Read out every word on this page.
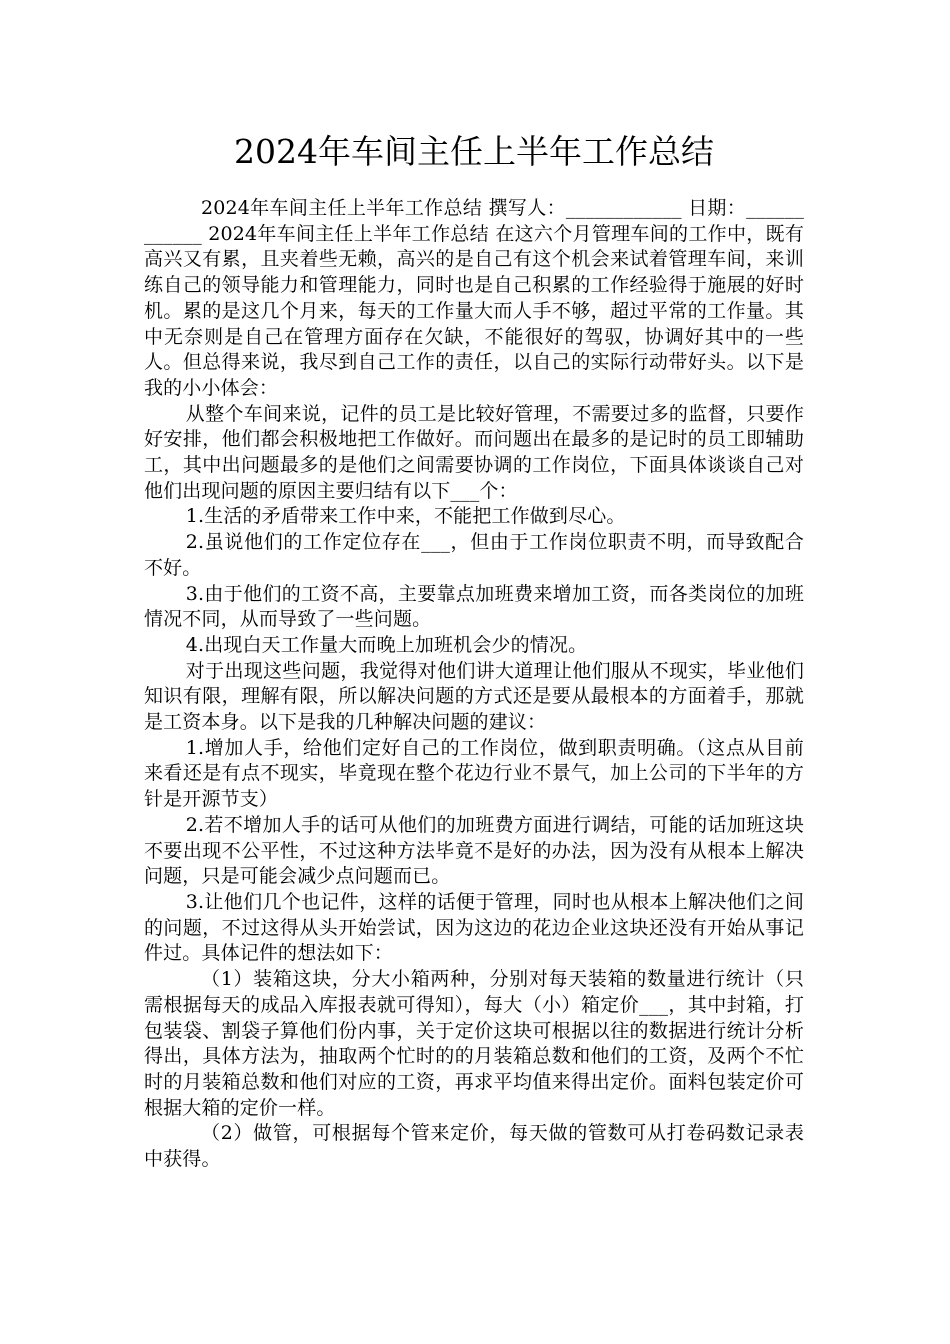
2024年车间主任上半年工作总结

2024年车间主任上半年工作总结 撰写人：____________ 日期：____________ 2024年车间主任上半年工作总结 在这六个月管理车间的工作中，既有高兴又有累，且夹着些无赖，高兴的是自己有这个机会来试着管理车间，来训练自己的领导能力和管理能力，同时也是自己积累的工作经验得于施展的好时机。累的是这几个月来，每天的工作量大而人手不够，超过平常的工作量。其中无奈则是自己在管理方面存在欠缺，不能很好的驾驭，协调好其中的一些人。但总得来说，我尽到自己工作的责任，以自己的实际行动带好头。以下是我的小小体会：

从整个车间来说，记件的员工是比较好管理，不需要过多的监督，只要作好安排，他们都会积极地把工作做好。而问题出在最多的是记时的员工即辅助工，其中出问题最多的是他们之间需要协调的工作岗位，下面具体谈谈自己对他们出现问题的原因主要归结有以下___个：

1.生活的矛盾带来工作中来，不能把工作做到尽心。

2.虽说他们的工作定位存在___，但由于工作岗位职责不明，而导致配合不好。

3.由于他们的工资不高，主要靠点加班费来增加工资，而各类岗位的加班情况不同，从而导致了一些问题。

4.出现白天工作量大而晚上加班机会少的情况。

对于出现这些问题，我觉得对他们讲大道理让他们服从不现实，毕业他们知识有限，理解有限，所以解决问题的方式还是要从最根本的方面着手，那就是工资本身。以下是我的几种解决问题的建议：

1.增加人手，给他们定好自己的工作岗位，做到职责明确。（这点从目前来看还是有点不现实，毕竟现在整个花边行业不景气，加上公司的下半年的方针是开源节支）

2.若不增加人手的话可从他们的加班费方面进行调结，可能的话加班这块不要出现不公平性，不过这种方法毕竟不是好的办法，因为没有从根本上解决问题，只是可能会减少点问题而已。

3.让他们几个也记件，这样的话便于管理，同时也从根本上解决他们之间的问题，不过这得从头开始尝试，因为这边的花边企业这块还没有开始从事记件过。具体记件的想法如下：

（1）装箱这块，分大小箱两种，分别对每天装箱的数量进行统计（只需根据每天的成品入库报表就可得知），每大（小）箱定价___，其中封箱，打包装袋、割袋子算他们份内事，关于定价这块可根据以往的数据进行统计分析得出，具体方法为，抽取两个忙时的的月装箱总数和他们的工资，及两个不忙时的月装箱总数和他们对应的工资，再求平均值来得出定价。面料包装定价可根据大箱的定价一样。

（2）做管，可根据每个管来定价，每天做的管数可从打卷码数记录表中获得。
